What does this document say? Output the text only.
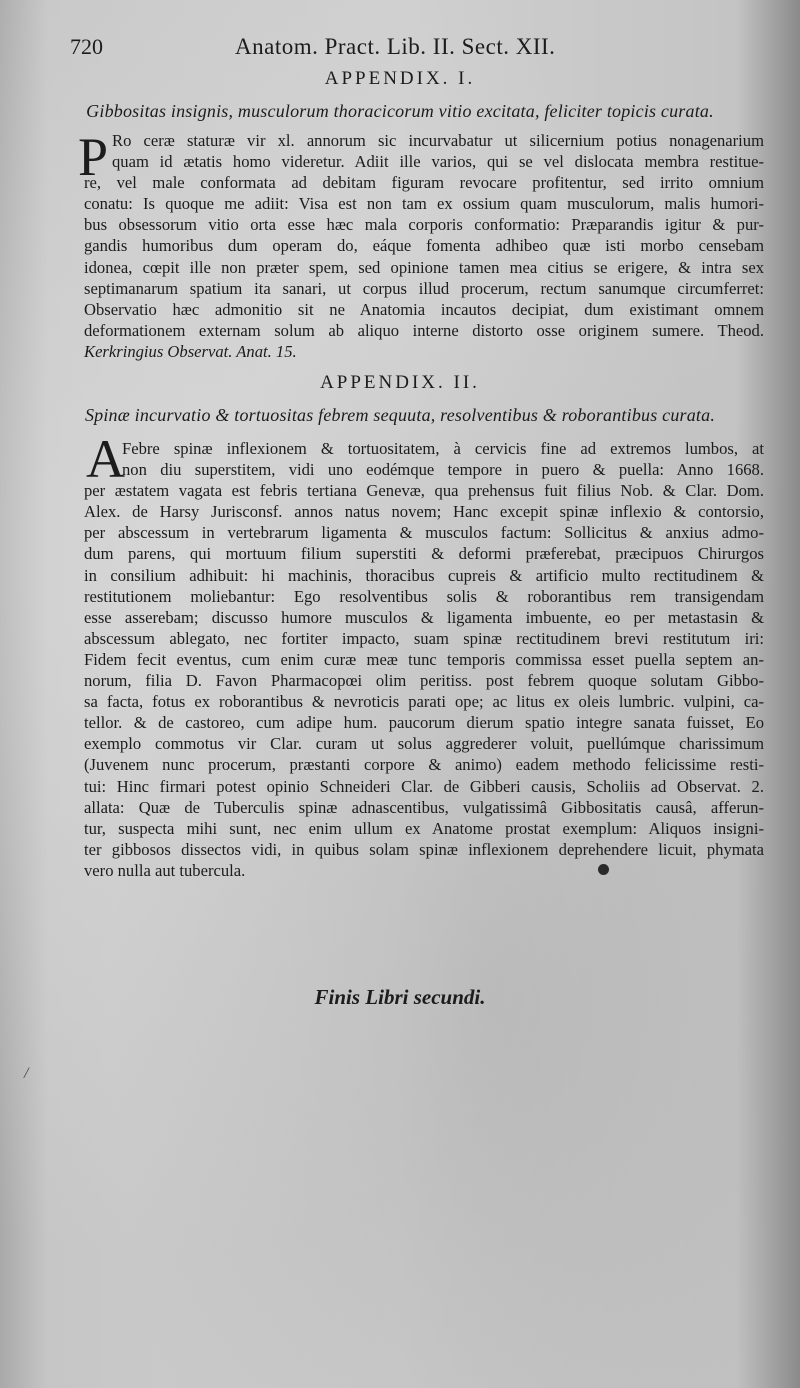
720	Anatom. Pract. Lib. II. Sect. XII.
APPENDIX. I.
Gibbositas insignis, musculorum thoracicorum vitio excitata, feliciter topicis curata.
P Ro ceræ staturæ vir xl. annorum sic incurvabatur ut silicernium potius nonagenarium
quam id ætatis homo videretur. Adiit ille varios, qui se vel dislocata membra restitue-
re, vel male conformata ad debitam figuram revocare profitentur, sed irrito omnium
conatu: Is quoque me adiit: Visa est non tam ex ossium quam musculorum, malis humori-
bus obsessorum vitio orta esse hæc mala corporis conformatio: Præparandis igitur & pur-
gandis humoribus dum operam do, eáque fomenta adhibeo quæ isti morbo censebam
idonea, cœpit ille non præter spem, sed opinione tamen mea citius se erigere, & intra sex
septimanarum spatium ita sanari, ut corpus illud procerum, rectum sanumque circumferret:
Observatio hæc admonitio sit ne Anatomia incautos decipiat, dum existimant omnem
deformationem externam solum ab aliquo interne distorto osse originem sumere. Theod.
Kerkringius Observat. Anat. 15.
APPENDIX. II.
Spinæ incurvatio & tortuositas febrem sequuta, resolventibus & roborantibus curata.
A
Febre spinæ inflexionem & tortuositatem, à cervicis fine ad extremos lumbos, at
non diu superstitem, vidi uno eodémque tempore in puero & puella: Anno 1668.
per æstatem vagata est febris tertiana Genevæ, qua prehensus fuit filius Nob. & Clar. Dom.
Alex. de Harsy Jurisconsf. annos natus novem; Hanc excepit spinæ inflexio & contorsio,
per abscessum in vertebrarum ligamenta & musculos factum: Sollicitus & anxius admo-
dum parens, qui mortuum filium superstiti & deformi præferebat, præcipuos Chirurgos
in consilium adhibuit: hi machinis, thoracibus cupreis & artificio multo rectitudinem &
restitutionem moliebantur: Ego resolventibus solis & roborantibus rem transigendam
esse asserebam; discusso humore musculos & ligamenta imbuente, eo per metastasin &
abscessum ablegato, nec fortiter impacto, suam spinæ rectitudinem brevi restitutum iri:
Fidem fecit eventus, cum enim curæ meæ tunc temporis commissa esset puella septem an-
norum, filia D. Favon Pharmacopœi olim peritiss. post febrem quoque solutam Gibbo-
sa facta, fotus ex roborantibus & nevroticis parati ope; ac litus ex oleis lumbric. vulpini, ca-
tellor. & de castoreo, cum adipe hum. paucorum dierum spatio integre sanata fuisset, Eo
exemplo commotus vir Clar. curam ut solus aggrederer voluit, puellúmque charissimum
(Juvenem nunc procerum, præstanti corpore & animo) eadem methodo felicissime resti-
tui: Hinc firmari potest opinio Schneideri Clar. de Gibberi causis, Scholiis ad Observat. 2.
allata: Quæ de Tuberculis spinæ adnascentibus, vulgatissimâ Gibbositatis causâ, afferun-
tur, suspecta mihi sunt, nec enim ullum ex Anatome prostat exemplum: Aliquos insigni-
ter gibbosos dissectos vidi, in quibus solam spinæ inflexionem deprehendere licuit, phymata
vero nulla aut tubercula.
Finis Libri secundi.
/
